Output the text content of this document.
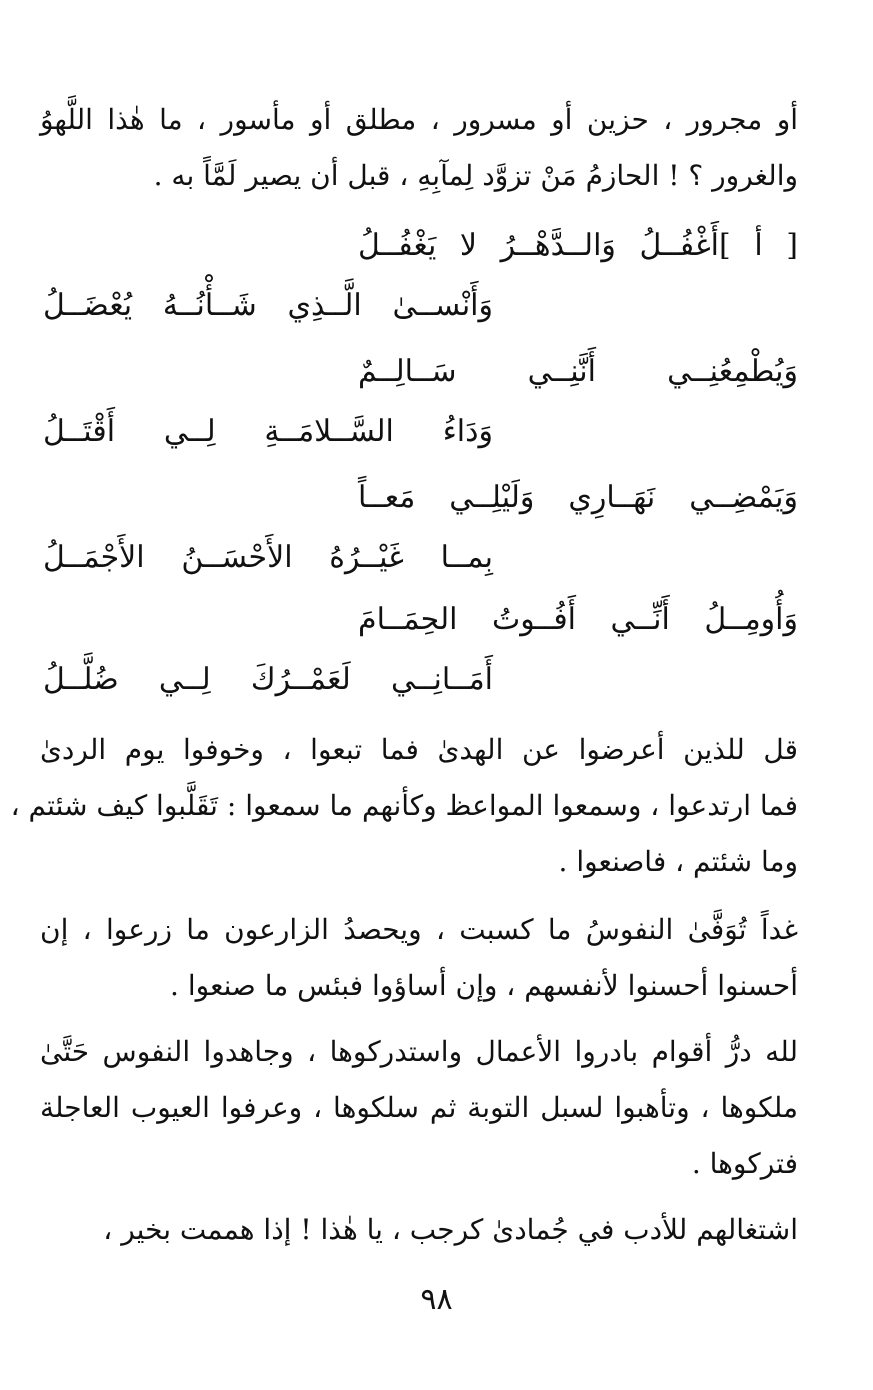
أو مجرور ، حزين أو مسرور ، مطلق أو مأسور ، ما هٰذا اللَّهوُ
والغرور ؟ ! الحازمُ مَنْ تزوَّد لِمآبِهِ ، قبل أن يصير لَمَّاً به .
[ أ ]أَغْفُــلُ وَالــدَّهْــرُ لا يَغْفُــلُ
وَأَنْســىٰ الَّــذِي شَــأْنُــهُ يُعْضَــلُ
وَيُطْمِعُنِــي أَنَّنِــي سَــالِــمٌ
وَدَاءُ السَّــلامَــةِ لِــي أَقْتَــلُ
وَيَمْضِــي نَهَــارِي وَلَيْلِــي مَعــاً
بِمــا غَيْــرُهُ الأَحْسَــنُ الأَجْمَــلُ
وَأُومِــلُ أَنِّــي أَفُــوتُ الحِمَــامَ
أَمَــانِــي لَعَمْــرُكَ لِــي ضُلَّــلُ
قل للذين أعرضوا عن الهدىٰ فما تبعوا ، وخوفوا يوم الردىٰ
فما ارتدعوا ، وسمعوا المواعظ وكأنهم ما سمعوا : تَقَلَّبوا كيف شئتم ،
وما شئتم ، فاصنعوا .
غداً تُوَفَّىٰ النفوسُ ما كسبت ، ويحصدُ الزارعون ما زرعوا ، إن
أحسنوا أحسنوا لأنفسهم ، وإن أساؤوا فبئس ما صنعوا .
لله درُّ أقوام بادروا الأعمال واستدركوها ، وجاهدوا النفوس حَتَّىٰ
ملكوها ، وتأهبوا لسبل التوبة ثم سلكوها ، وعرفوا العيوب العاجلة
فتركوها .
اشتغالهم للأدب في جُمادىٰ كرجب ، يا هٰذا ! إذا هممت بخير ،
٩٨
